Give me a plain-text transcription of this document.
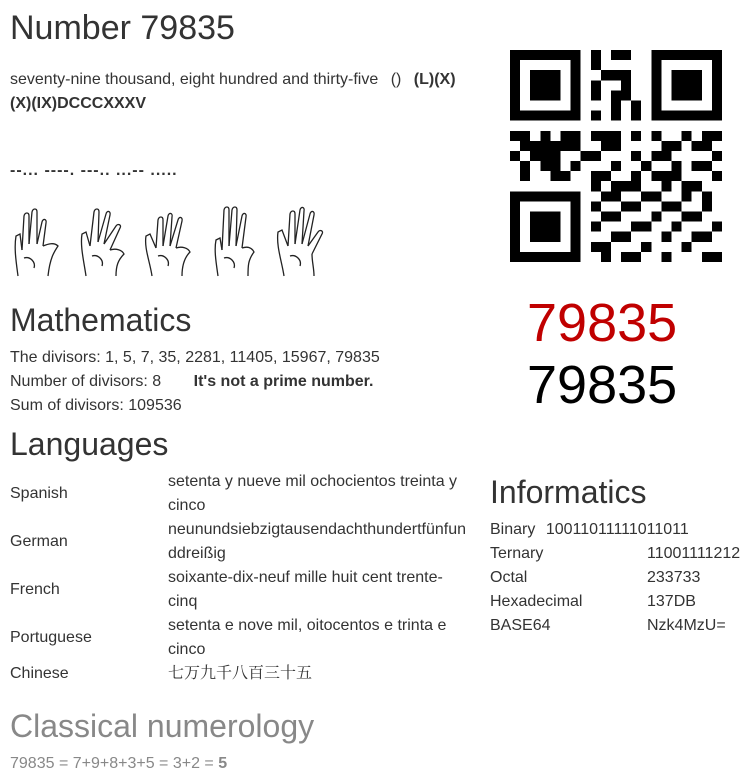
Number 79835
seventy-nine thousand, eight hundred and thirty-five () (L)(X)
(X)(IX)DCCCXXXV
--... ----. ---.. ...-- .....
Mathematics
The divisors: 1, 5, 7, 35, 2281, 11405, 15967, 79835
Number of divisors: 8 It's not a prime number.
Sum of divisors: 109536
79835
79835
Languages
Spanish	setenta y nueve mil ochocientos treinta y
cinco
German	neunundsiebzigtausendachthundertfünfun
ddreißig
French	soixante-dix-neuf mille huit cent trente-
cinq
Portuguese	setenta e nove mil, oitocentos e trinta e
cinco
Chinese	七万九千八百三十五
Informatics
Binary 10011011111011011
Ternary	11001111212
Octal	233733
Hexadecimal	137DB
BASE64	Nzk4MzU=
Classical numerology
79835 = 7+9+8+3+5 = 3+2 = 5
